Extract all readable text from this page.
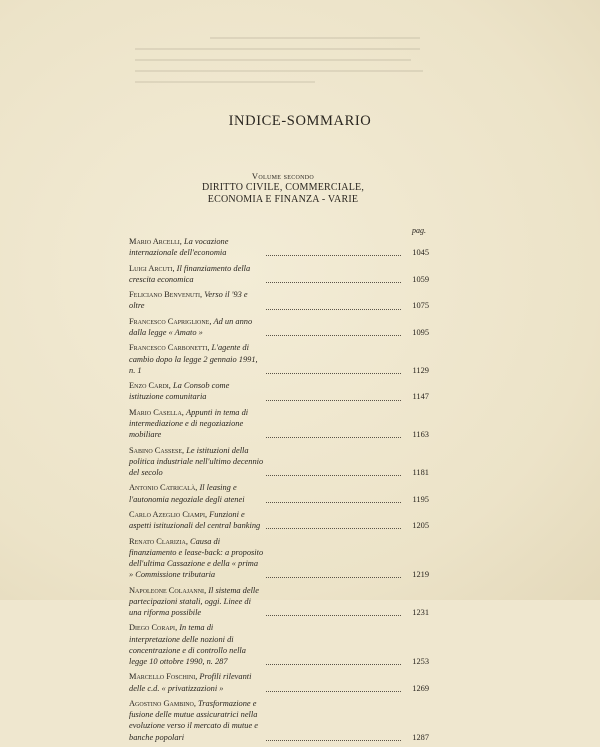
INDICE-SOMMARIO
Volume secondo
DIRITTO CIVILE, COMMERCIALE,
ECONOMIA E FINANZA - VARIE
pag.
Mario Arcelli, La vocazione internazionale dell'economia	1045
Luigi Arcuti, Il finanziamento della crescita economica	1059
Feliciano Benvenuti, Verso il '93 e oltre	1075
Francesco Capriglione, Ad un anno dalla legge « Amato »	1095
Francesco Carbonetti, L'agente di cambio dopo la legge 2 gennaio 1991, n. 1	1129
Enzo Cardi, La Consob come istituzione comunitaria	1147
Mario Casella, Appunti in tema di intermediazione e di negoziazione mobiliare	1163
Sabino Cassese, Le istituzioni della politica industriale nell'ultimo decennio del secolo	1181
Antonio Catricalà, Il leasing e l'autonomia negoziale degli atenei	1195
Carlo Azeglio Ciampi, Funzioni e aspetti istituzionali del central banking	1205
Renato Clarizia, Causa di finanziamento e lease-back: a proposito dell'ultima Cassazione e della « prima » Commissione tributaria	1219
Napoleone Colajanni, Il sistema delle partecipazioni statali, oggi. Linee di una riforma possibile	1231
Diego Corapi, In tema di interpretazione delle nozioni di concentrazione e di controllo nella legge 10 ottobre 1990, n. 287	1253
Marcello Foschini, Profili rilevanti delle c.d. « privatizzazioni »	1269
Agostino Gambino, Trasformazione e fusione delle mutue assicuratrici nella evoluzione verso il mercato di mutue e banche popolari	1287
